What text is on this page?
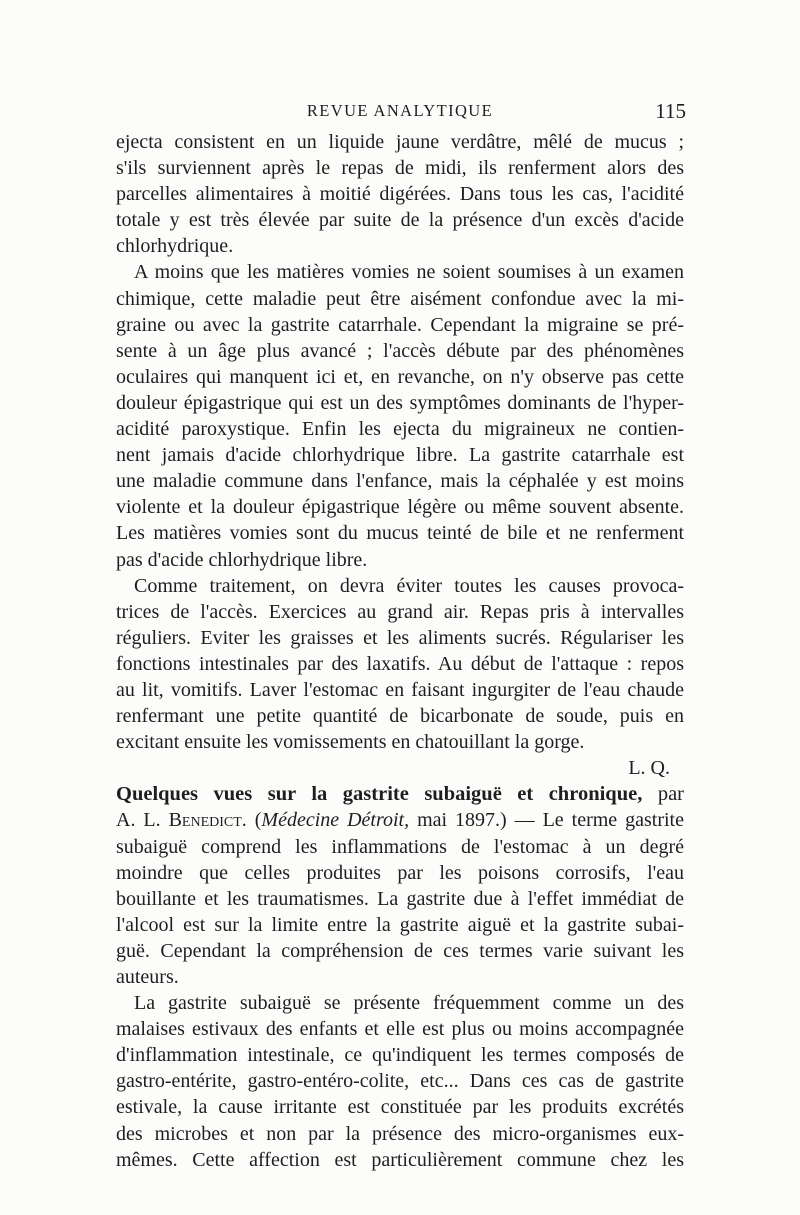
REVUE ANALYTIQUE	115
ejecta consistent en un liquide jaune verdâtre, mêlé de mucus ;
s'ils surviennent après le repas de midi, ils renferment alors des
parcelles alimentaires à moitié digérées. Dans tous les cas, l'acidité
totale y est très élevée par suite de la présence d'un excès d'acide
chlorhydrique.
A moins que les matières vomies ne soient soumises à un examen
chimique, cette maladie peut être aisément confondue avec la mi-
graine ou avec la gastrite catarrhale. Cependant la migraine se pré-
sente à un âge plus avancé ; l'accès débute par des phénomènes
oculaires qui manquent ici et, en revanche, on n'y observe pas cette
douleur épigastrique qui est un des symptômes dominants de l'hyper-
acidité paroxystique. Enfin les ejecta du migraineux ne contien-
nent jamais d'acide chlorhydrique libre. La gastrite catarrhale est
une maladie commune dans l'enfance, mais la céphalée y est moins
violente et la douleur épigastrique légère ou même souvent absente.
Les matières vomies sont du mucus teinté de bile et ne renferment
pas d'acide chlorhydrique libre.
Comme traitement, on devra éviter toutes les causes provoca-
trices de l'accès. Exercices au grand air. Repas pris à intervalles
réguliers. Eviter les graisses et les aliments sucrés. Régulariser les
fonctions intestinales par des laxatifs. Au début de l'attaque : repos
au lit, vomitifs. Laver l'estomac en faisant ingurgiter de l'eau chaude
renfermant une petite quantité de bicarbonate de soude, puis en
excitant ensuite les vomissements en chatouillant la gorge.
L. Q.
Quelques vues sur la gastrite subaiguë et chronique, par
A. L. Benedict. (Médecine Détroit, mai 1897.) — Le terme gastrite
subaiguë comprend les inflammations de l'estomac à un degré
moindre que celles produites par les poisons corrosifs, l'eau
bouillante et les traumatismes. La gastrite due à l'effet immédiat de
l'alcool est sur la limite entre la gastrite aiguë et la gastrite subai-
guë. Cependant la compréhension de ces termes varie suivant les
auteurs.
La gastrite subaiguë se présente fréquemment comme un des
malaises estivaux des enfants et elle est plus ou moins accompagnée
d'inflammation intestinale, ce qu'indiquent les termes composés de
gastro-entérite, gastro-entéro-colite, etc... Dans ces cas de gastrite
estivale, la cause irritante est constituée par les produits excrétés
des microbes et non par la présence des micro-organismes eux-
mêmes. Cette affection est particulièrement commune chez les
